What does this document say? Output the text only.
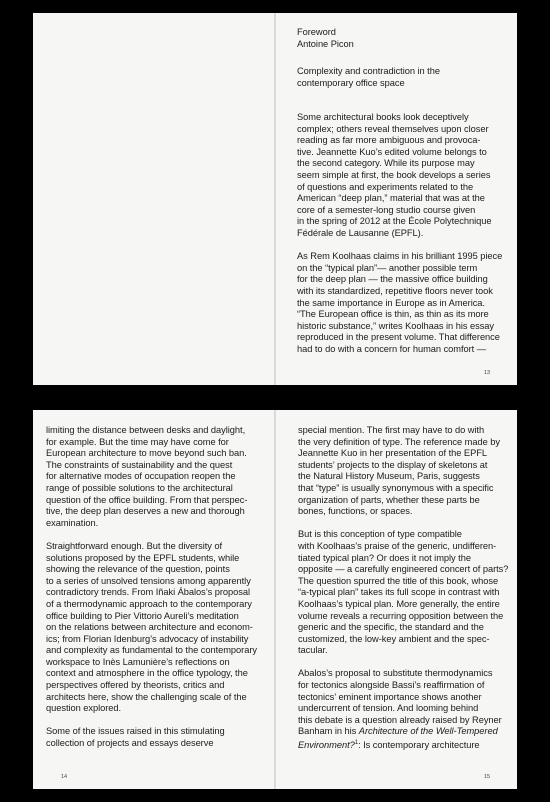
Foreword
Antoine Picon
Complexity and contradiction in the
contemporary office space

Some architectural books look deceptively
complex; others reveal themselves upon closer
reading as far more ambiguous and provoca-
tive. Jeannette Kuo’s edited volume belongs to
the second category. While its purpose may
seem simple at first, the book develops a series
of questions and experiments related to the
American “deep plan,” material that was at the
core of a semester-long studio course given
in the spring of 2012 at the École Polytechnique
Fédérale de Lausanne (EPFL).

As Rem Koolhaas claims in his brilliant 1995 piece
on the “typical plan”— another possible term
for the deep plan — the massive office building
with its standardized, repetitive floors never took
the same importance in Europe as in America.
“The European office is thin, as thin as its more
historic substance,” writes Koolhaas in his essay
reproduced in the present volume. That difference
had to do with a concern for human comfort —

13

limiting the distance between desks and daylight,
for example. But the time may have come for
European architecture to move beyond such ban.
The constraints of sustainability and the quest
for alternative modes of occupation reopen the
range of possible solutions to the architectural
question of the office building. From that perspec-
tive, the deep plan deserves a new and thorough
examination.

Straightforward enough. But the diversity of
solutions proposed by the EPFL students, while
showing the relevance of the question, points
to a series of unsolved tensions among apparently
contradictory trends. From Iñaki Ábalos’s proposal
of a thermodynamic approach to the contemporary
office building to Pier Vittorio Aureli’s meditation
on the relations between architecture and econom-
ics; from Florian Idenburg’s advocacy of instability
and complexity as fundamental to the contemporary
workspace to Inès Lamunière’s reflections on
context and atmosphere in the office typology, the
perspectives offered by theorists, critics and
architects here, show the challenging scale of the
question explored.

Some of the issues raised in this stimulating
collection of projects and essays deserve

14

special mention. The first may have to do with
the very definition of type. The reference made by
Jeannette Kuo in her presentation of the EPFL
students’ projects to the display of skeletons at
the Natural History Museum, Paris, suggests
that “type” is usually synonymous with a specific
organization of parts, whether these parts be
bones, functions, or spaces.

But is this conception of type compatible
with Koolhaas’s praise of the generic, undifferen-
tiated typical plan? Or does it not imply the
opposite — a carefully engineered concert of parts?
The question spurred the title of this book, whose
“a-typical plan” takes its full scope in contrast with
Koolhaas’s typical plan. More generally, the entire
volume reveals a recurring opposition between the
generic and the specific, the standard and the
customized, the low-key ambient and the spec-
tacular.

Abalos’s proposal to substitute thermodynamics
for tectonics alongside Bassi’s reaffirmation of
tectonics’ eminent importance shows another
undercurrent of tension. And looming behind
this debate is a question already raised by Reyner
Banham in his Architecture of the Well-Tempered
Environment?$^1$: Is contemporary architecture

15
